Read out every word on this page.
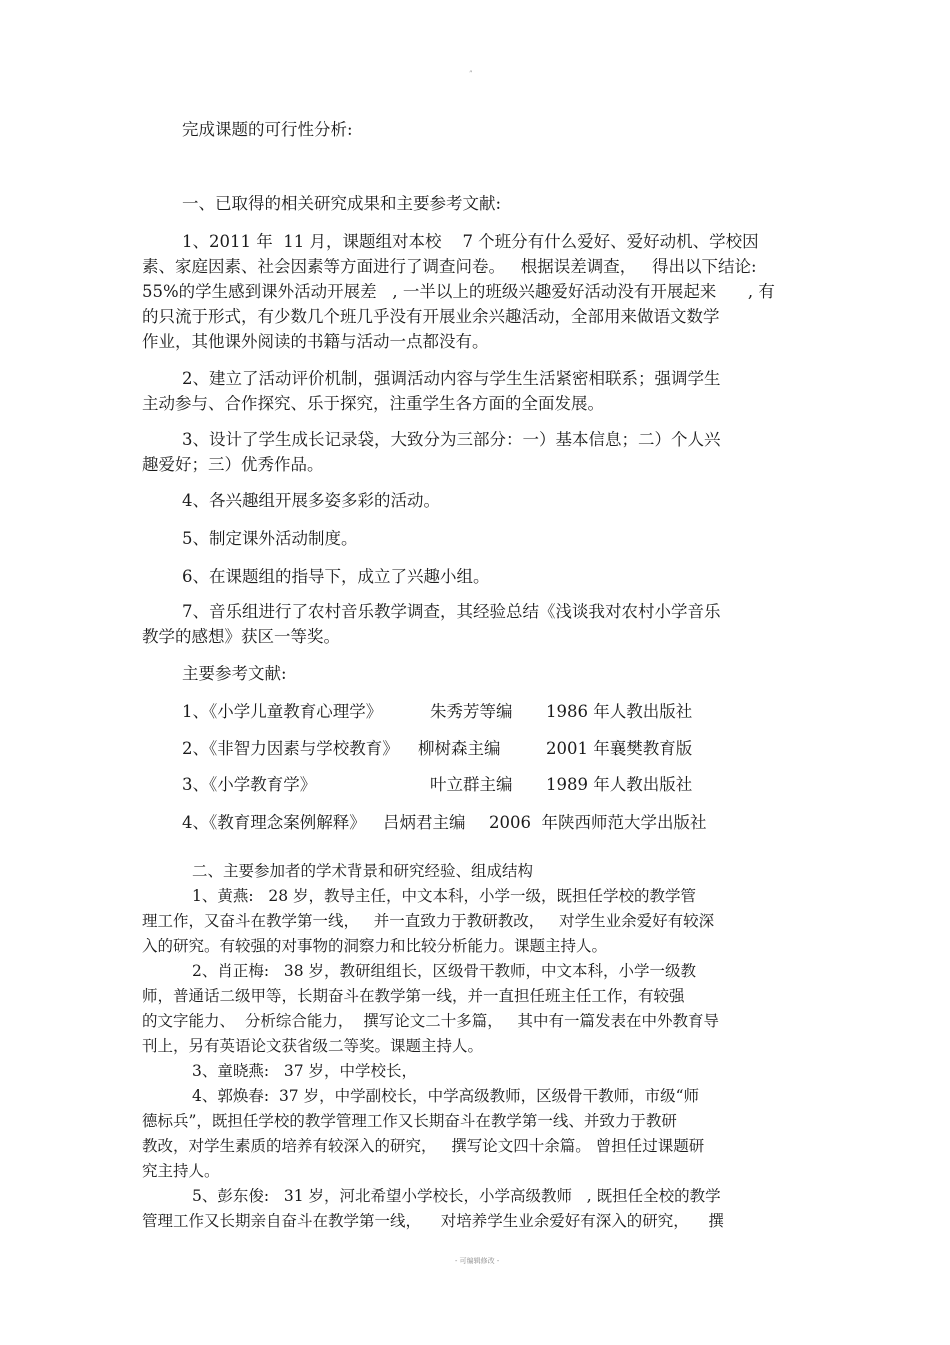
”
完成课题的可行性分析:
一、已取得的相关研究成果和主要参考文献:
1、2011 年  11 月，课题组对本校    7 个班分有什么爱好、爱好动机、学校因
素、家庭因素、社会因素等方面进行了调查问卷。   根据误差调查，   得出以下结论:
55%的学生感到课外活动开展差   , 一半以上的班级兴趣爱好活动没有开展起来      , 有
的只流于形式，有少数几个班几乎没有开展业余兴趣活动，全部用来做语文数学
作业，其他课外阅读的书籍与活动一点都没有。
2、建立了活动评价机制，强调活动内容与学生生活紧密相联系；强调学生
主动参与、合作探究、乐于探究，注重学生各方面的全面发展。
3、设计了学生成长记录袋，大致分为三部分：一）基本信息；二）个人兴
趣爱好；三）优秀作品。
4、各兴趣组开展多姿多彩的活动。
5、制定课外活动制度。
6、在课题组的指导下，成立了兴趣小组。
7、音乐组进行了农村音乐教学调查，其经验总结《浅谈我对农村小学音乐
教学的感想》获区一等奖。
主要参考文献:
1、《小学儿童教育心理学》	朱秀芳等编 1986 年人教出版社
2、《非智力因素与学校教育》 柳树森主编	2001 年襄樊教育版
3、《小学教育学》	叶立群主编 1989 年人教出版社
4、《教育理念案例解释》 吕炳君主编 2006  年陕西师范大学出版社
二、主要参加者的学术背景和研究经验、组成结构
1、黄燕:   28 岁，教导主任，中文本科，小学一级，既担任学校的教学管
理工作，又奋斗在教学第一线，   并一直致力于教研教改，   对学生业余爱好有较深
入的研究。有较强的对事物的洞察力和比较分析能力。课题主持人。
2、肖正梅:   38 岁，教研组组长，区级骨干教师，中文本科，小学一级教
师，普通话二级甲等，长期奋斗在教学第一线，并一直担任班主任工作，有较强
的文字能力、  分析综合能力，  撰写论文二十多篇，   其中有一篇发表在中外教育导
刊上，另有英语论文获省级二等奖。课题主持人。
3、童晓燕:   37 岁，中学校长，
4、郭焕春:  37 岁，中学副校长，中学高级教师，区级骨干教师，市级“师
德标兵”，既担任学校的教学管理工作又长期奋斗在教学第一线、并致力于教研
教改，对学生素质的培养有较深入的研究，   撰写论文四十余篇。 曾担任过课题研
究主持人。
5、彭东俊:   31 岁，河北希望小学校长，小学高级教师   , 既担任全校的教学
管理工作又长期亲自奋斗在教学第一线，    对培养学生业余爱好有深入的研究，    撰
- 可编辑修改 -
